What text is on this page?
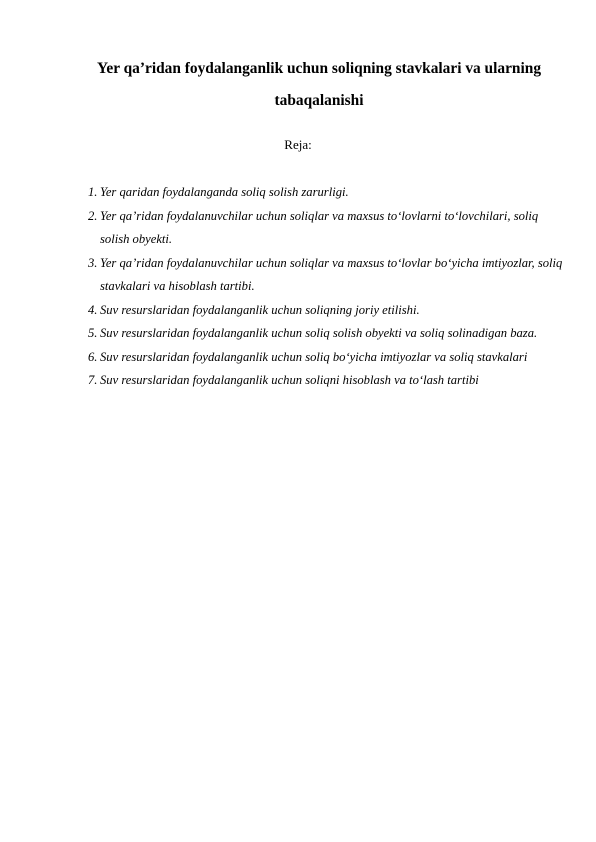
Yer qa’ridan foydalanganlik uchun soliqning stavkalari va ularning tabaqalanishi

Reja:

1. Yer qaridan foydalanganda soliq solish zarurligi.
2. Yer qa’ridan foydalanuvchilar uchun soliqlar va maxsus to‘lovlarni to‘lovchilari, soliq solish obyekti.
3. Yer qa’ridan foydalanuvchilar uchun soliqlar va maxsus to‘lovlar bo‘yicha imtiyozlar, soliq stavkalari va hisoblash tartibi.
4. Suv resurslaridan foydalanganlik uchun soliqning joriy etilishi.
5. Suv resurslaridan foydalanganlik uchun soliq solish obyekti va soliq solinadigan baza.
6. Suv resurslaridan foydalanganlik uchun soliq bo‘yicha imtiyozlar va soliq stavkalari
7. Suv resurslaridan foydalanganlik uchun soliqni hisoblash va to‘lash tartibi
